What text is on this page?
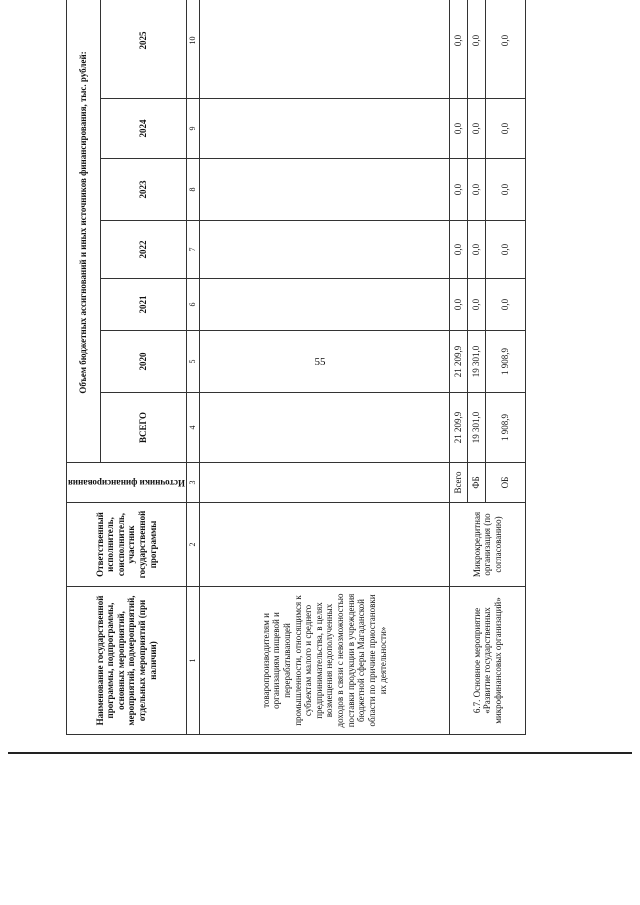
55
Наименование государственной программы, подпрограммы, основных мероприятий, мероприятий, подмероприятий, отдельных мероприятий (при наличии)	Ответственный исполнитель, соисполнитель, участник государственной программы	Источники финансирования	Объем бюджетных ассигнований и иных источников финансирования, тыс. рублей:						
			ВСЕГО	2020	2021	2022	2023	2024	2025
1	2	3	4	5	6	7	8	9	10
товаропроизводителям и организациям пищевой и перерабатывающей промышленности, относящимся к субъектам малого и среднего предпринимательства, в целях возмещения недополученных доходов в связи с невозможностью поставки продукции в учреждения бюджетной сферы Магаданской области по причине приостановки их деятельности»									
6.7. Основное мероприятие «Развитие государственных микрофинансовых организаций»	Микрокредитная организация (по согласованию)	Всего	21 209,9	21 209,9	0,0	0,0	0,0	0,0	0,0
		ФБ	19 301,0	19 301,0	0,0	0,0	0,0	0,0	0,0
		ОБ	1 908,9	1 908,9	0,0	0,0	0,0	0,0	0,0
